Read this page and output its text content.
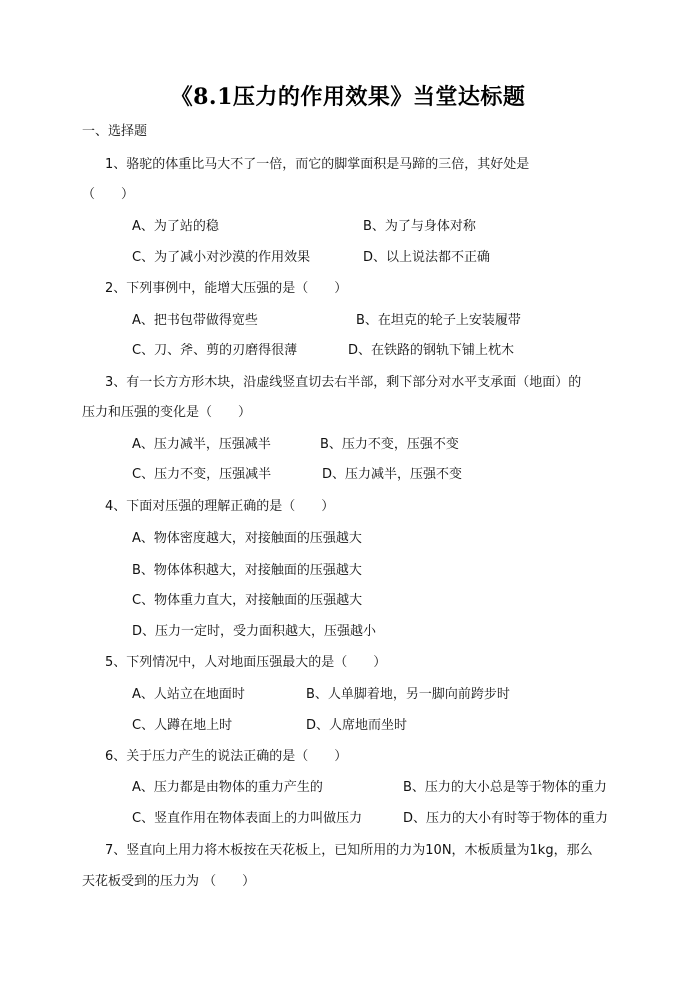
《8.1压力的作用效果》当堂达标题
一、选择题
1、骆驼的体重比马大不了一倍，而它的脚掌面积是马蹄的三倍，其好处是
（　　）
A、为了站的稳	B、为了与身体对称
C、为了减小对沙漠的作用效果	D、以上说法都不正确
2、下列事例中，能增大压强的是（　　）
A、把书包带做得宽些	B、在坦克的轮子上安装履带
C、刀、斧、剪的刃磨得很薄	D、在铁路的钢轨下铺上枕木
3、有一长方方形木块，沿虚线竖直切去右半部，剩下部分对水平支承面（地面）的
压力和压强的变化是（　　）
A、压力减半，压强减半	B、压力不变，压强不变
C、压力不变，压强减半	D、压力减半，压强不变
4、下面对压强的理解正确的是（　　）
A、物体密度越大，对接触面的压强越大
B、物体体积越大，对接触面的压强越大
C、物体重力直大，对接触面的压强越大
D、压力一定时，受力面积越大，压强越小
5、下列情况中，人对地面压强最大的是（　　）
A、人站立在地面时	B、人单脚着地，另一脚向前跨步时
C、人蹲在地上时	D、人席地而坐时
6、关于压力产生的说法正确的是（　　）
A、压力都是由物体的重力产生的	B、压力的大小总是等于物体的重力
C、竖直作用在物体表面上的力叫做压力	D、压力的大小有时等于物体的重力
7、竖直向上用力将木板按在天花板上，已知所用的力为10N，木板质量为1kg，那么
天花板受到的压力为 （　　）
